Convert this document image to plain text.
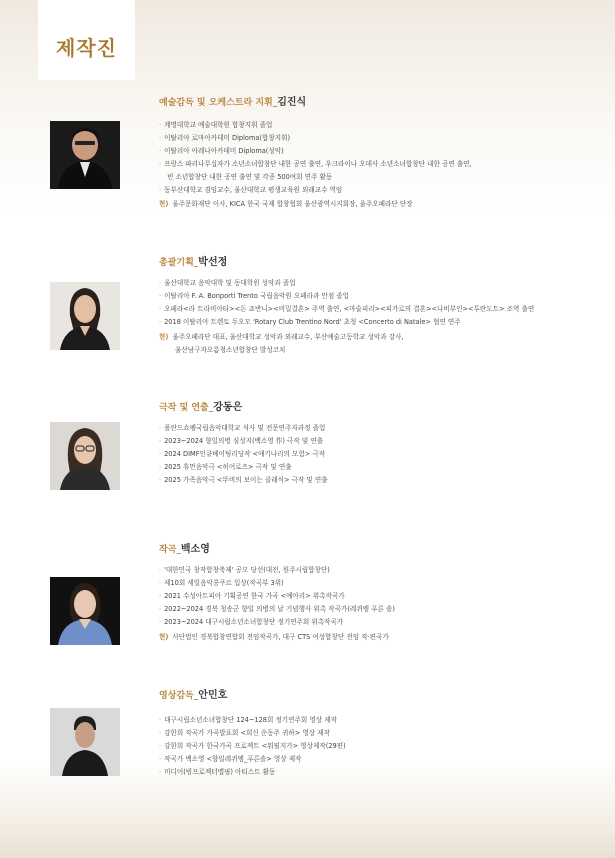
제작진
예술감독 및 오케스트라 지휘_김진식
· 계명대학교 예술대학원 합창지휘 졸업
· 이탈리아 로마아카데미 Diploma(합창지휘)
· 이탈리아 아레나아카데미 Diploma(성악)
· 프랑스 파리나무십자가 소년소녀합창단 내한 공연 출연, 우크라이나 오데사 소년소녀합창단 내한 공연 출연,
빈 소년합창단 내한 공연 출연 및 각종 500여회 연주 활동
· 동부산대학교 겸임교수, 울산대학교 평생교육원 외래교수 역임
현) 울주문화재단 이사, KICA 한국 국제 합창협회 울산광역시지회장, 울주오페라단 단장
총괄기획_박선정
· 울산대학교 음악대학 및 동대학원 성악과 졸업
· 이탈리아 F. A. Bonporti Trento 국립음악원 오페라과 만점 졸업
· 오페라<라 트라비아타><돈 죠반니><비밀결혼> 주역 출연, <마술피리><피가로의 결혼><나비부인><투란도트> 조역 출연
· 2018 이탈리아 트렌토 두오모 'Rotary Club Trentino Nord' 초청 <Concerto di Natale> 협연 연주
현) 울주오페라단 대표, 울산대학교 성악과 외래교수, 부산예술고등학교 성악과 강사,
울산남구자오름청소년합창단 발성코치
극작 및 연출_강동은
· 폴란드쇼팽국립음악대학교 석사 및 전문연주자과정 졸업
· 2023~2024 향일의병 심성지(백소영 作) 극작 및 연출
· 2024 DIMF인큐베이팅리딩작 <애기나리의 모험> 극작
· 2025 휴먼음악극 <히어로즈> 극작 및 연출
· 2025 가족음악극 <뚜비의 보이는 클래식> 극작 및 연출
작곡_백소영
· '대한민국 창작합창축제' 공모 당선(대전, 원주시립합창단)
· 제10회 세일음악콩쿠르 입상(작곡부 3위)
· 2021 수성아트피아 기획공연 한국 가곡 <예아리> 위촉작곡가
· 2022~2024 경북 청송군 향일 의병의 날 기념행사 위촉 작곡가(레퀴엠 푸른 솔)
· 2023~2024 대구시립소년소녀합창단 정기연주회 위촉작곡가
현) 사단법인 경북합창연합회 전임작곡가, 대구 CTS 여성합창단 전임 작·편곡가
영상감독_안민호
· 대구시립소년소녀합창단 124~128회 정기연주회 영상 제작
· 강한희 작곡가 가곡발표회 <희신 운동주 귀하> 영상 제작
· 강한희 작곡가 한국가곡 프로젝트 <뭐필지가> 영상제작(29편)
· 작곡가 백소영 <향일레퀴엠_푸른솔> 영상 제작
· 미디어(빔프로젝터맵핑) 아티스트 활동
